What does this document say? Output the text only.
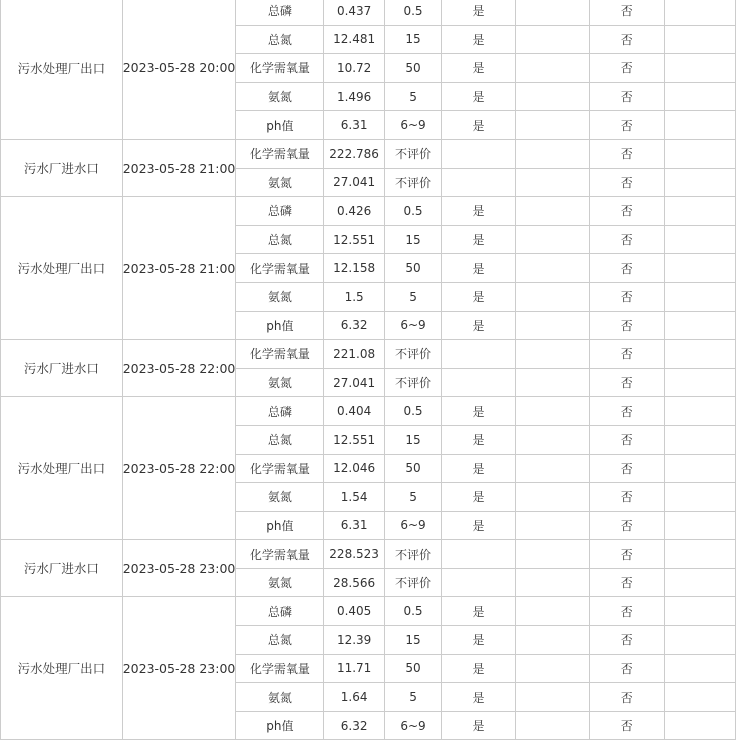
污水处理厂出口	2023-05-28 20:00	总磷	0.437	0.5	是		否	
		总氮	12.481	15	是		否	
		化学需氧量	10.72	50	是		否	
		氨氮	1.496	5	是		否	
		ph值	6.31	6~9	是		否	
污水厂进水口	2023-05-28 21:00	化学需氧量	222.786	不评价			否	
		氨氮	27.041	不评价			否	
污水处理厂出口	2023-05-28 21:00	总磷	0.426	0.5	是		否	
		总氮	12.551	15	是		否	
		化学需氧量	12.158	50	是		否	
		氨氮	1.5	5	是		否	
		ph值	6.32	6~9	是		否	
污水厂进水口	2023-05-28 22:00	化学需氧量	221.08	不评价			否	
		氨氮	27.041	不评价			否	
污水处理厂出口	2023-05-28 22:00	总磷	0.404	0.5	是		否	
		总氮	12.551	15	是		否	
		化学需氧量	12.046	50	是		否	
		氨氮	1.54	5	是		否	
		ph值	6.31	6~9	是		否	
污水厂进水口	2023-05-28 23:00	化学需氧量	228.523	不评价			否	
		氨氮	28.566	不评价			否	
污水处理厂出口	2023-05-28 23:00	总磷	0.405	0.5	是		否	
		总氮	12.39	15	是		否	
		化学需氧量	11.71	50	是		否	
		氨氮	1.64	5	是		否	
		ph值	6.32	6~9	是		否	
